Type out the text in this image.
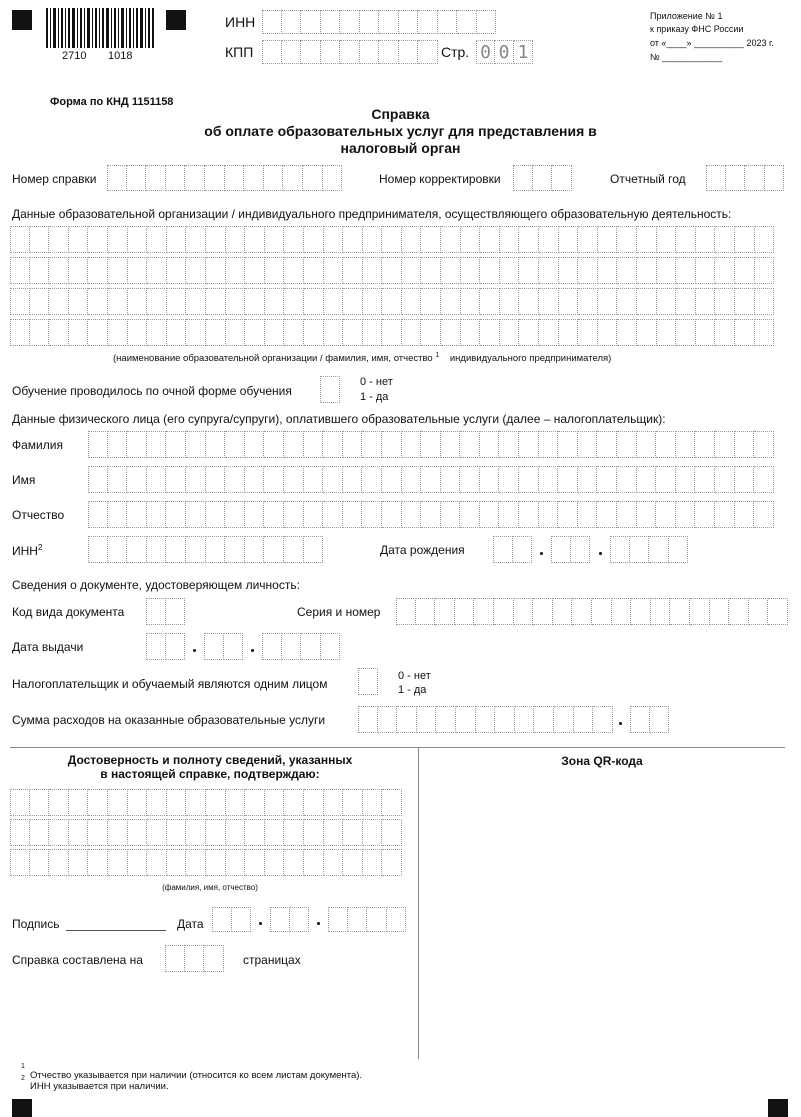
2710 1018
ИНН
КПП	Стр. 0 0 1
Приложение № 1
к приказу ФНС России
от «____» __________ 2023 г.
№ ____________
Форма по КНД 1151158
Справка
об оплате образовательных услуг для представления в
налоговый орган
Номер справки	Номер корректировки	Отчетный год
Данные образовательной организации / индивидуального предпринимателя, осуществляющего образовательную деятельность:
(наименование образовательной организации / фамилия, имя, отчество $^1$ индивидуального предпринимателя)
Обучение проводилось по очной форме обучения
0 - нет
1 - да
Данные физического лица (его супруга/супруги), оплатившего образовательные услуги (далее – налогоплательщик):
Фамилия
Имя
Отчество
ИНН$^2$	Дата рождения
Сведения о документе, удостоверяющем личность:
Код вида документа	Серия и номер
Дата выдачи
Налогоплательщик и обучаемый являются одним лицом
0 - нет
1 - да
Сумма расходов на оказанные образовательные услуги
Достоверность и полноту сведений, указанных
в настоящей справке, подтверждаю:
(фамилия, имя, отчество)
Подпись	Дата
Справка составлена на	страницах
Зона QR-кода
1
2 Отчество указывается при наличии (относится ко всем листам документа).
ИНН указывается при наличии.
